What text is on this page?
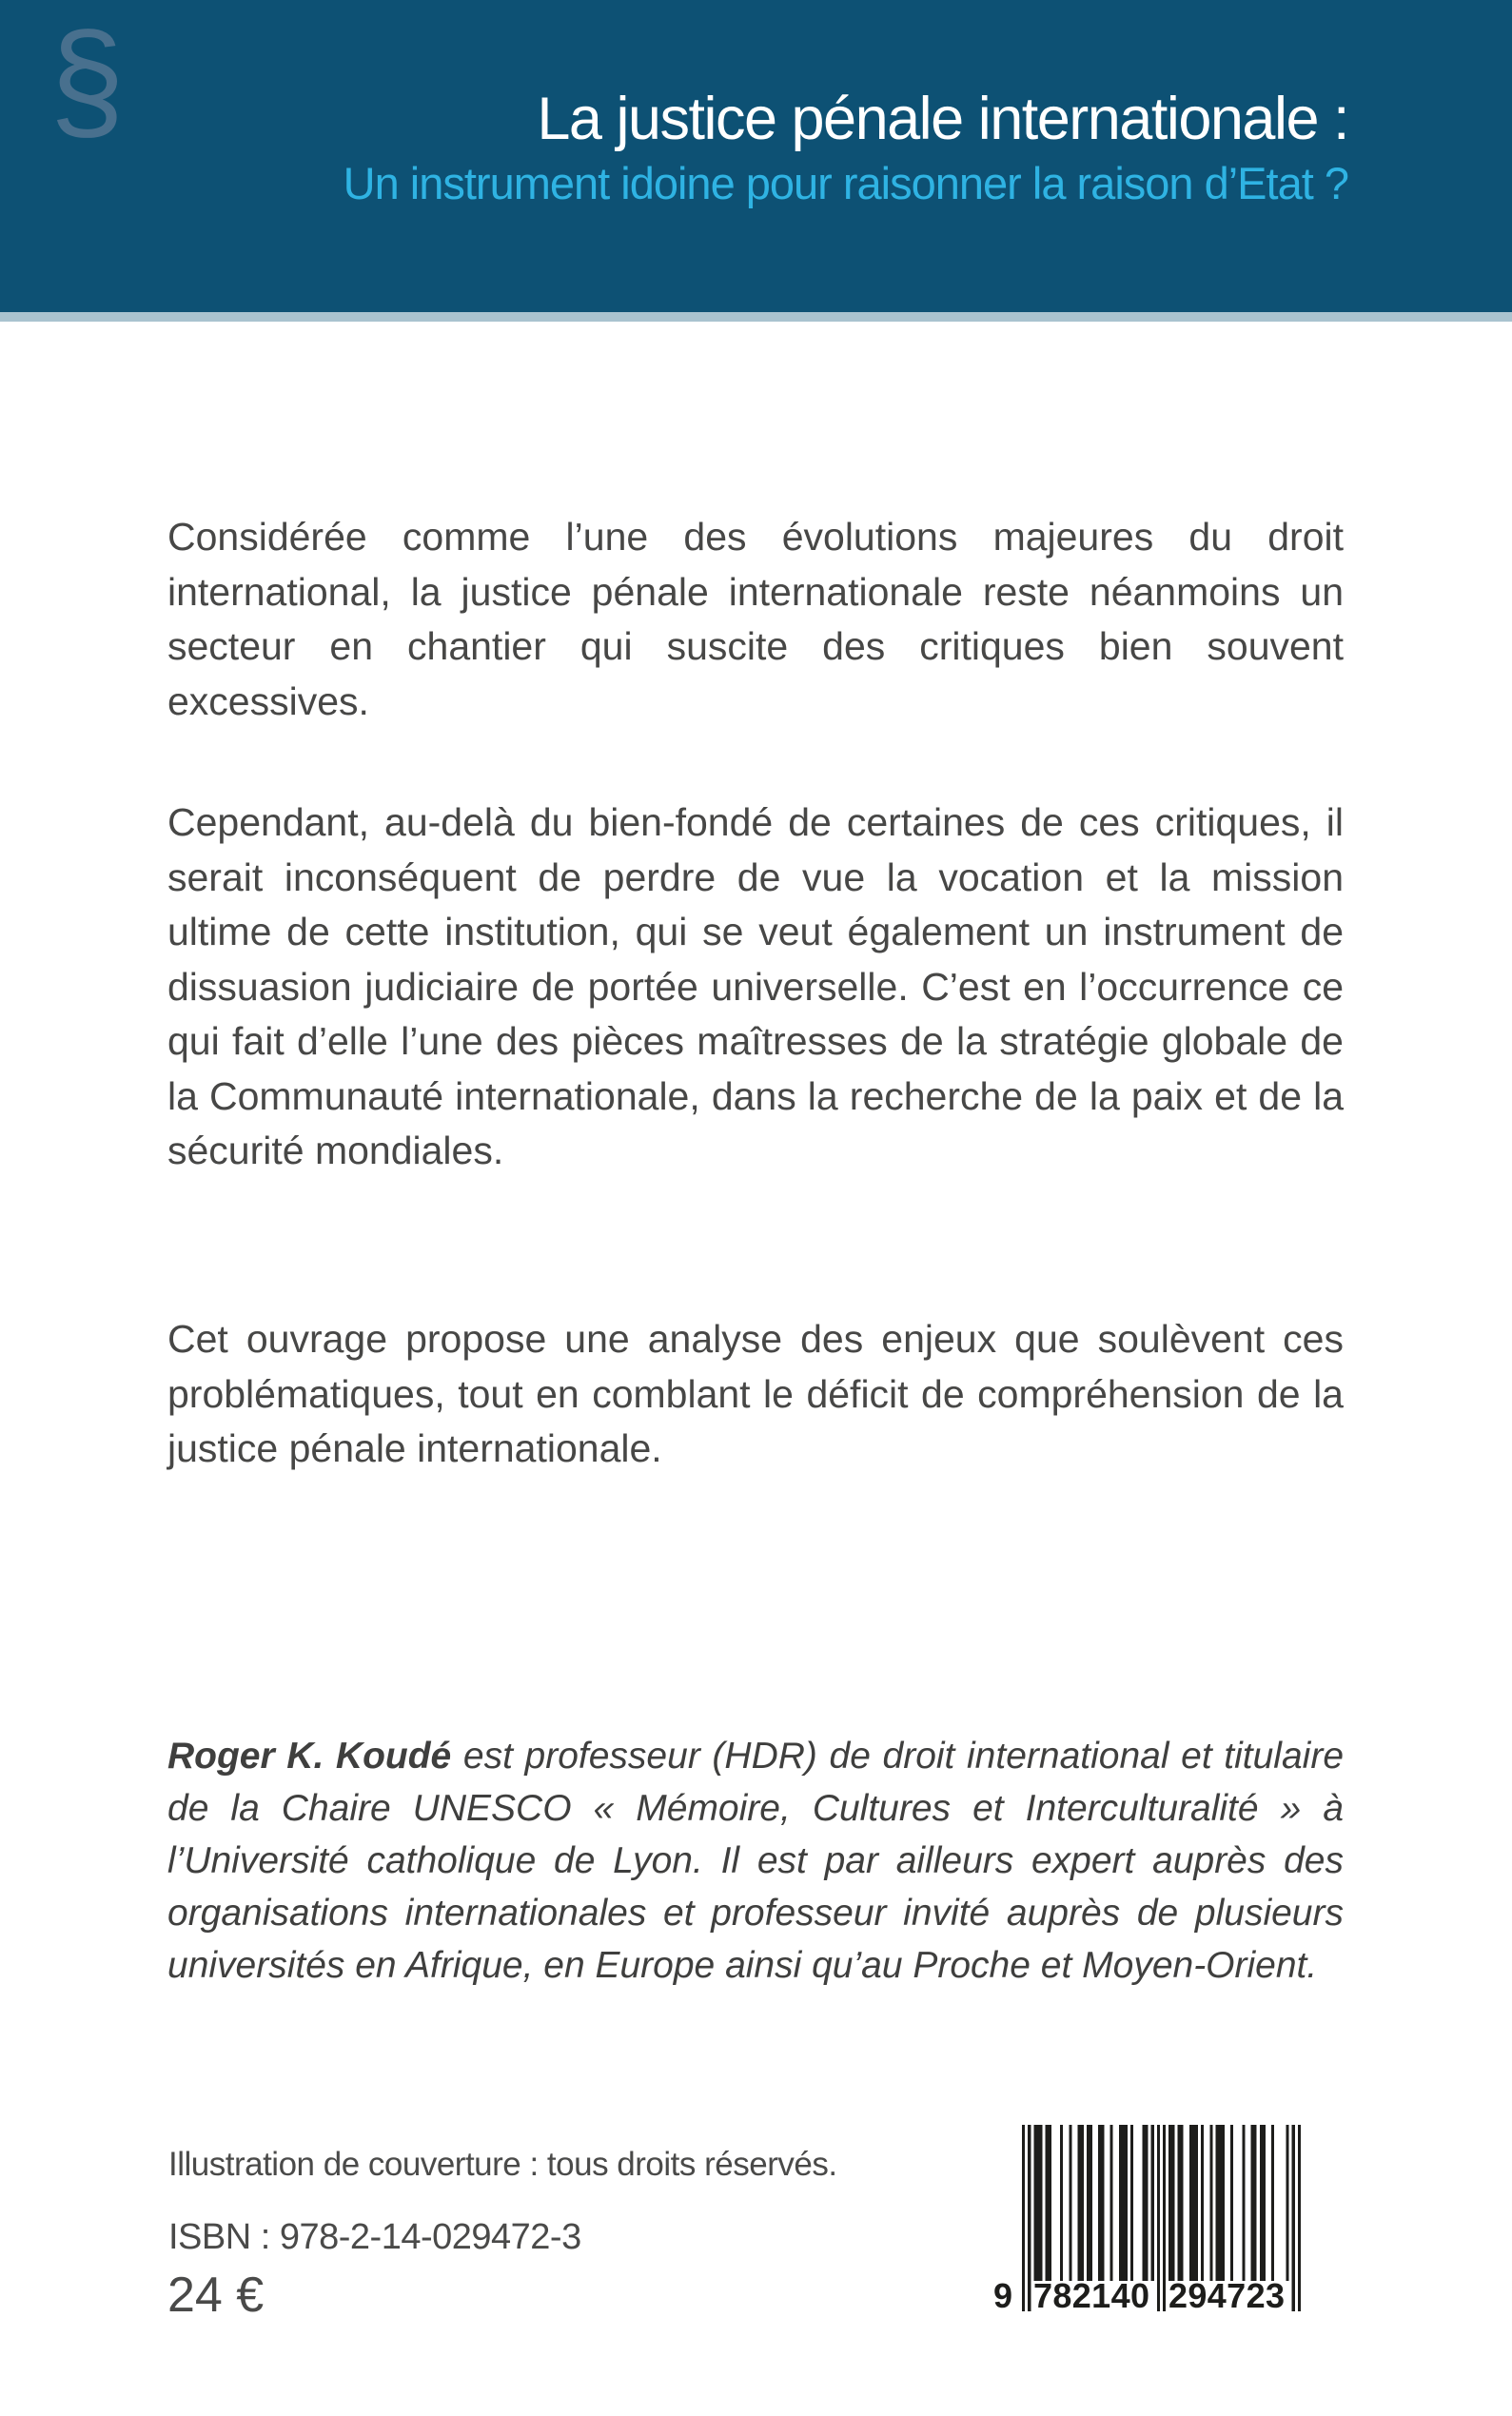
§	La justice pénale internationale :
Un instrument idoine pour raisonner la raison d’Etat ?

Considérée comme l’une des évolutions majeures du droit international, la justice pénale internationale reste néanmoins un secteur en chantier qui suscite des critiques bien souvent excessives.

Cependant, au-delà du bien-fondé de certaines de ces critiques, il serait inconséquent de perdre de vue la vocation et la mission ultime de cette institution, qui se veut également un instrument de dissuasion judiciaire de portée universelle. C’est en l’occurrence ce qui fait d’elle l’une des pièces maîtresses de la stratégie globale de la Communauté internationale, dans la recherche de la paix et de la sécurité mondiales.

Cet ouvrage propose une analyse des enjeux que soulèvent ces problématiques, tout en comblant le déficit de compréhension de la justice pénale internationale.

Roger K. Koudé est professeur (HDR) de droit international et titulaire de la Chaire UNESCO « Mémoire, Cultures et Interculturalité » à l’Université catholique de Lyon. Il est par ailleurs expert auprès des organisations internationales et professeur invité auprès de plusieurs universités en Afrique, en Europe ainsi qu’au Proche et Moyen-Orient.

Illustration de couverture : tous droits réservés.
ISBN : 978-2-14-029472-3
24 €	9 782140 294723
